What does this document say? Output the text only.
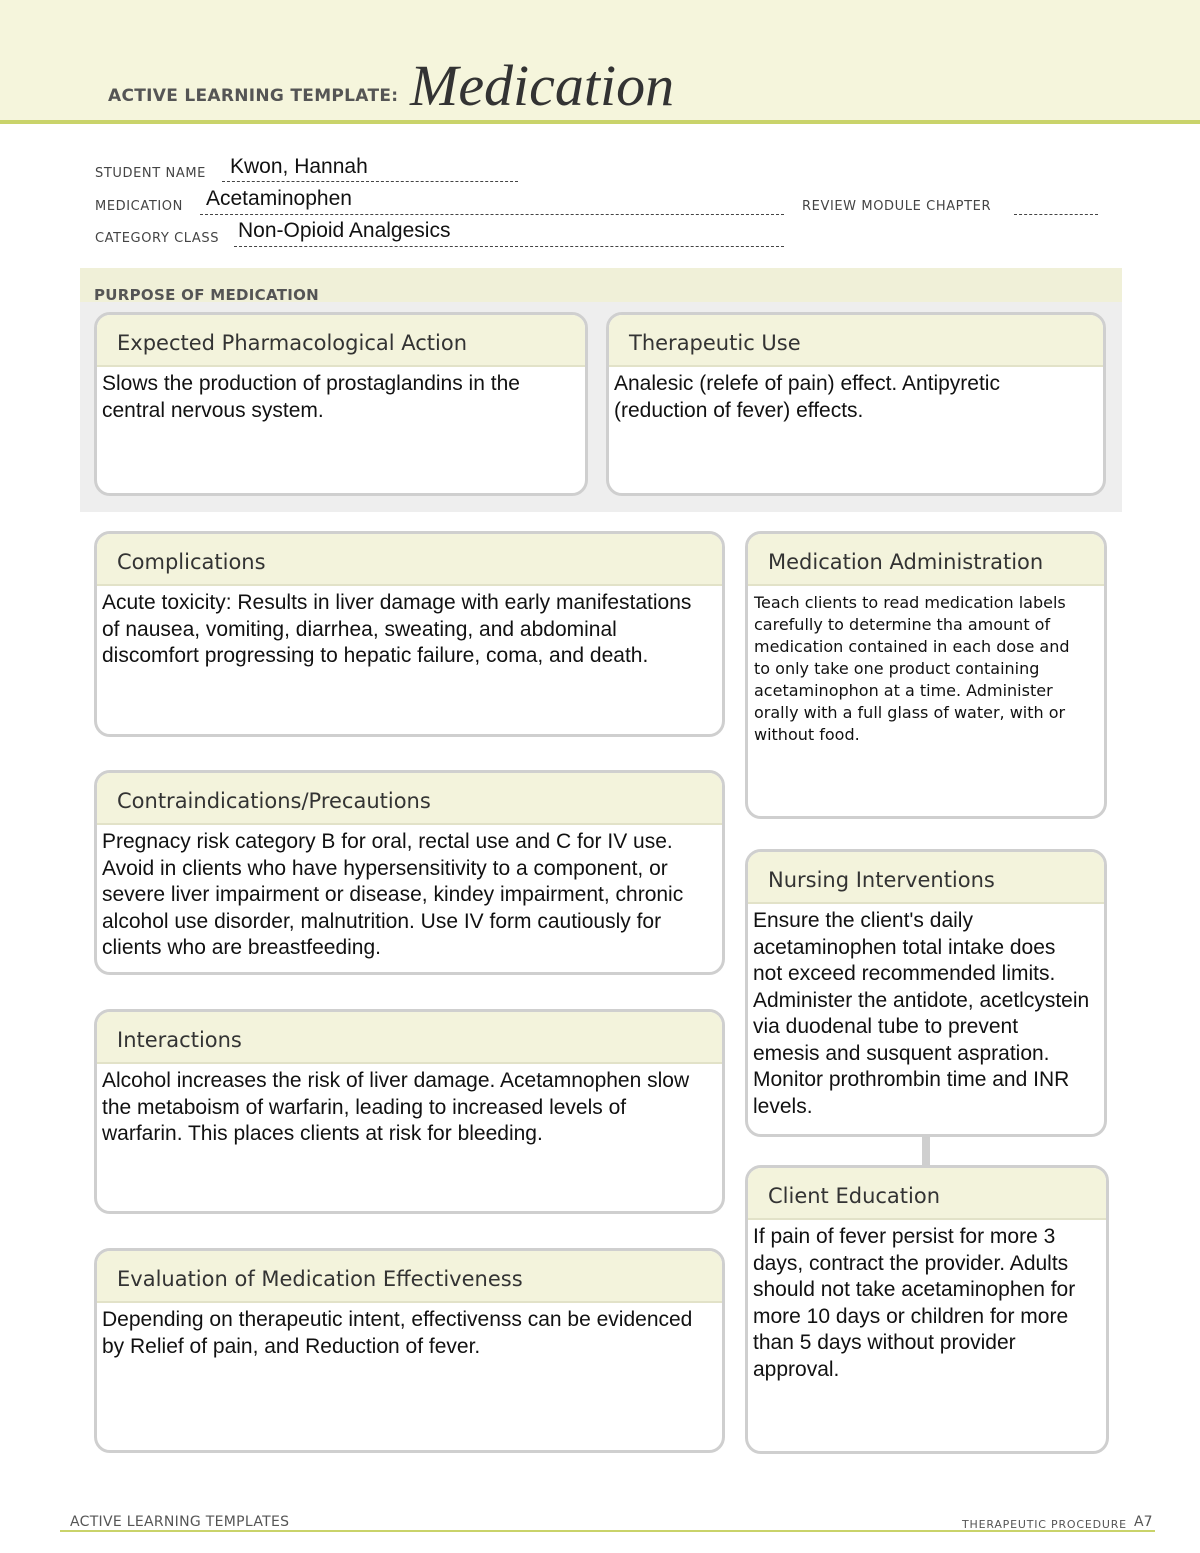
ACTIVE LEARNING TEMPLATE: Medication
STUDENT NAME Kwon, Hannah
MEDICATION Acetaminophen	REVIEW MODULE CHAPTER
CATEGORY CLASS Non-Opioid Analgesics
PURPOSE OF MEDICATION
Expected Pharmacological Action
Slows the production of prostaglandins in the central nervous system.
Therapeutic Use
Analesic (relefe of pain) effect. Antipyretic (reduction of fever) effects.
Complications
Acute toxicity: Results in liver damage with early manifestations of nausea, vomiting, diarrhea, sweating, and abdominal discomfort progressing to hepatic failure, coma, and death.
Contraindications/Precautions
Pregnacy risk category B for oral, rectal use and C for IV use. Avoid in clients who have hypersensitivity to a component, or severe liver impairment or disease, kindey impairment, chronic alcohol use disorder, malnutrition. Use IV form cautiously for clients who are breastfeeding.
Interactions
Alcohol increases the risk of liver damage. Acetamnophen slow the metaboism of warfarin, leading to increased levels of warfarin. This places clients at risk for bleeding.
Evaluation of Medication Effectiveness
Depending on therapeutic intent, effectivenss can be evidenced by Relief of pain, and Reduction of fever.
Medication Administration
Teach clients to read medication labels carefully to determine tha amount of medication contained in each dose and to only take one product containing acetaminophon at a time. Administer orally with a full glass of water, with or without food.
Nursing Interventions
Ensure the client's daily acetaminophen total intake does not exceed recommended limits. Administer the antidote, acetlcystein via duodenal tube to prevent emesis and susquent aspration. Monitor prothrombin time and INR levels.
Client Education
If pain of fever persist for more 3 days, contract the provider. Adults should not take acetaminophen for more 10 days or children for more than 5 days without provider approval.
ACTIVE LEARNING TEMPLATES	THERAPEUTIC PROCEDURE A7
